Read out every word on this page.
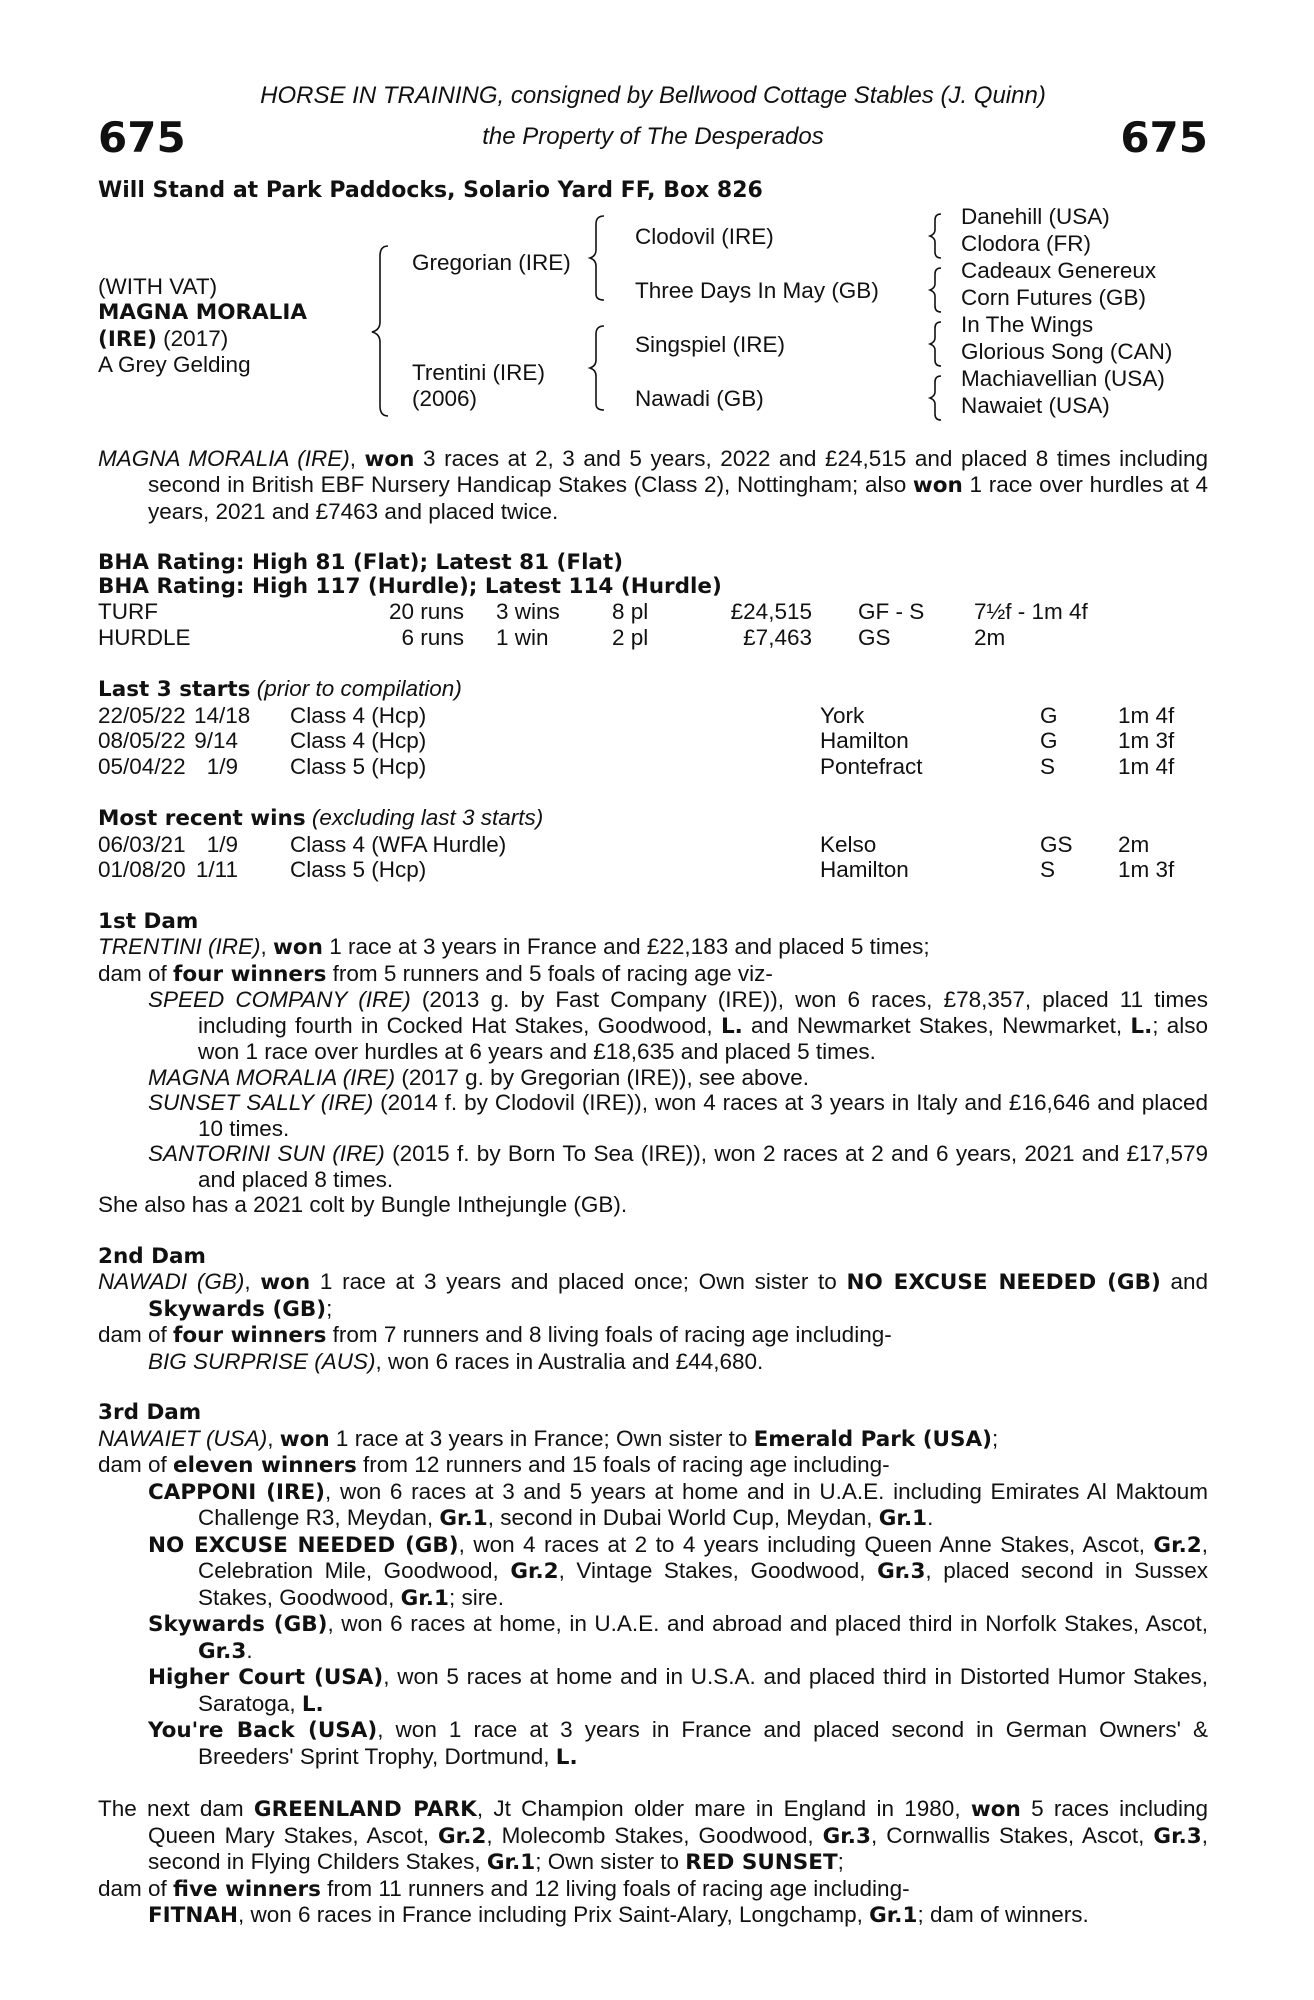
HORSE IN TRAINING, consigned by Bellwood Cottage Stables (J. Quinn)
the Property of The Desperados
675	675
Will Stand at Park Paddocks, Solario Yard FF, Box 826
(WITH VAT)
MAGNA MORALIA
(IRE) (2017)
A Grey Gelding
Gregorian (IRE)
Trentini (IRE)
(2006)
Clodovil (IRE)
Three Days In May (GB)
Singspiel (IRE)
Nawadi (GB)
Danehill (USA)
Clodora (FR)
Cadeaux Genereux
Corn Futures (GB)
In The Wings
Glorious Song (CAN)
Machiavellian (USA)
Nawaiet (USA)
MAGNA MORALIA (IRE), won 3 races at 2, 3 and 5 years, 2022 and £24,515 and placed 8 times including second in British EBF Nursery Handicap Stakes (Class 2), Nottingham; also won 1 race over hurdles at 4 years, 2021 and £7463 and placed twice.
BHA Rating: High 81 (Flat); Latest 81 (Flat)
BHA Rating: High 117 (Hurdle); Latest 114 (Hurdle)
TURF	20 runs 3 wins 8 pl	£24,515 GF - S 7½f - 1m 4f
HURDLE	6 runs 1 win	2 pl	£7,463 GS	2m
Last 3 starts (prior to compilation)
22/05/22 14/18 Class 4 (Hcp)	York	G	1m 4f
08/05/22 9/14 Class 4 (Hcp)	Hamilton	G	1m 3f
05/04/22 1/9 Class 5 (Hcp)	Pontefract	S	1m 4f
Most recent wins (excluding last 3 starts)
06/03/21 1/9 Class 4 (WFA Hurdle)	Kelso	GS 2m
01/08/20 1/11 Class 5 (Hcp)	Hamilton	S	1m 3f
1st Dam
TRENTINI (IRE), won 1 race at 3 years in France and £22,183 and placed 5 times;
dam of four winners from 5 runners and 5 foals of racing age viz-
SPEED COMPANY (IRE) (2013 g. by Fast Company (IRE)), won 6 races, £78,357, placed 11 times including fourth in Cocked Hat Stakes, Goodwood, L. and Newmarket Stakes, Newmarket, L.; also won 1 race over hurdles at 6 years and £18,635 and placed 5 times.
MAGNA MORALIA (IRE) (2017 g. by Gregorian (IRE)), see above.
SUNSET SALLY (IRE) (2014 f. by Clodovil (IRE)), won 4 races at 3 years in Italy and £16,646 and placed 10 times.
SANTORINI SUN (IRE) (2015 f. by Born To Sea (IRE)), won 2 races at 2 and 6 years, 2021 and £17,579 and placed 8 times.
She also has a 2021 colt by Bungle Inthejungle (GB).
2nd Dam
NAWADI (GB), won 1 race at 3 years and placed once; Own sister to NO EXCUSE NEEDED (GB) and Skywards (GB);
dam of four winners from 7 runners and 8 living foals of racing age including-
BIG SURPRISE (AUS), won 6 races in Australia and £44,680.
3rd Dam
NAWAIET (USA), won 1 race at 3 years in France; Own sister to Emerald Park (USA);
dam of eleven winners from 12 runners and 15 foals of racing age including-
CAPPONI (IRE), won 6 races at 3 and 5 years at home and in U.A.E. including Emirates Al Maktoum Challenge R3, Meydan, Gr.1, second in Dubai World Cup, Meydan, Gr.1.
NO EXCUSE NEEDED (GB), won 4 races at 2 to 4 years including Queen Anne Stakes, Ascot, Gr.2, Celebration Mile, Goodwood, Gr.2, Vintage Stakes, Goodwood, Gr.3, placed second in Sussex Stakes, Goodwood, Gr.1; sire.
Skywards (GB), won 6 races at home, in U.A.E. and abroad and placed third in Norfolk Stakes, Ascot, Gr.3.
Higher Court (USA), won 5 races at home and in U.S.A. and placed third in Distorted Humor Stakes, Saratoga, L.
You're Back (USA), won 1 race at 3 years in France and placed second in German Owners' & Breeders' Sprint Trophy, Dortmund, L.
The next dam GREENLAND PARK, Jt Champion older mare in England in 1980, won 5 races including Queen Mary Stakes, Ascot, Gr.2, Molecomb Stakes, Goodwood, Gr.3, Cornwallis Stakes, Ascot, Gr.3, second in Flying Childers Stakes, Gr.1; Own sister to RED SUNSET;
dam of five winners from 11 runners and 12 living foals of racing age including-
FITNAH, won 6 races in France including Prix Saint-Alary, Longchamp, Gr.1; dam of winners.
